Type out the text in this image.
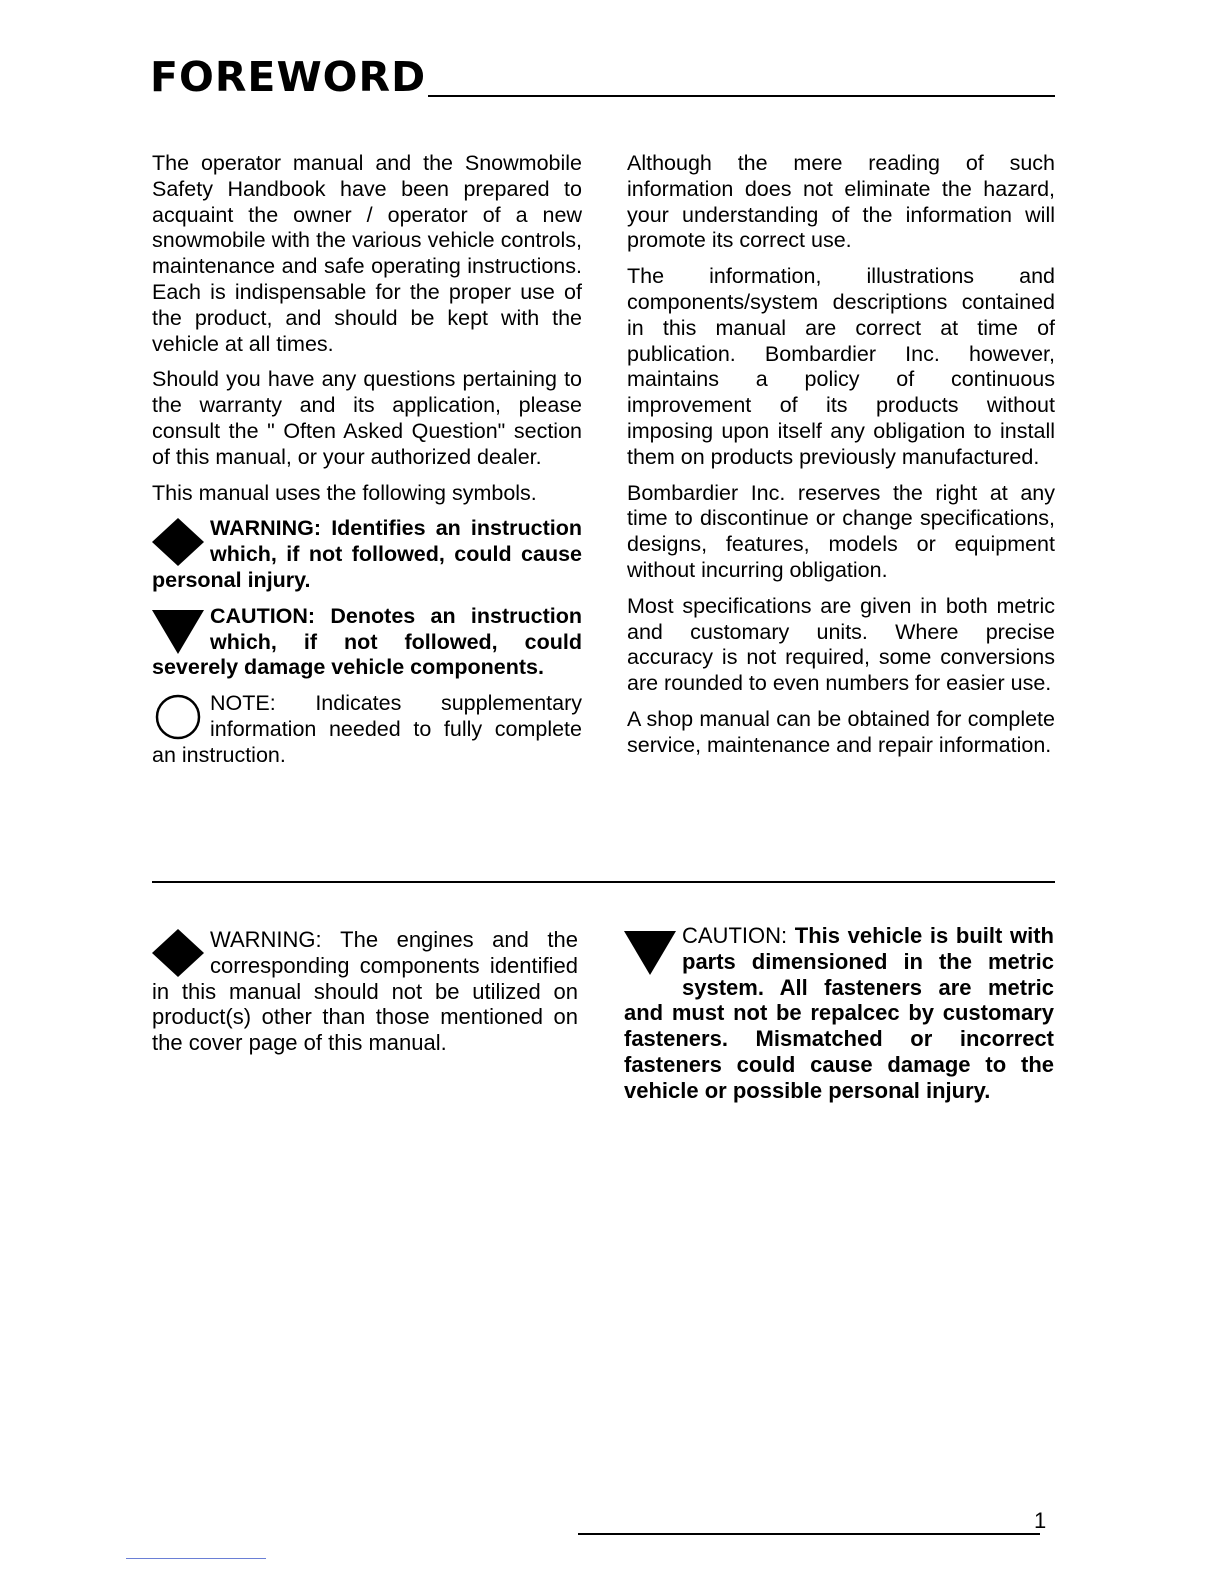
FOREWORD

The operator manual and the Snowmobile Safety Handbook have been prepared to acquaint the owner / operator of a new snowmobile with the various vehicle controls, maintenance and safe operating instructions. Each is indispensable for the proper use of the product, and should be kept with the vehicle at all times.

Should you have any questions pertaining to the warranty and its application, please consult the " Often Asked Question" section of this manual, or your authorized dealer.

This manual uses the following symbols.

WARNING: Identifies an instruction which, if not followed, could cause personal injury.

CAUTION: Denotes an instruction which, if not followed, could severely damage vehicle components.

NOTE: Indicates supplementary information needed to fully complete an instruction.

Although the mere reading of such information does not eliminate the hazard, your understanding of the information will promote its correct use.

The information, illustrations and components/system descriptions contained in this manual are correct at time of publication. Bombardier Inc. however, maintains a policy of continuous improvement of its products without imposing upon itself any obligation to install them on products previously manufactured.

Bombardier Inc. reserves the right at any time to discontinue or change specifications, designs, features, models or equipment without incurring obligation.

Most specifications are given in both metric and customary units. Where precise accuracy is not required, some conversions are rounded to even numbers for easier use.

A shop manual can be obtained for complete service, maintenance and repair information.

WARNING: The engines and the corresponding components identified in this manual should not be utilized on product(s) other than those mentioned on the cover page of this manual.
CAUTION: This vehicle is built with parts dimensioned in the metric system. All fasteners are metric and must not be repalcec by customary fasteners. Mismatched or incorrect fasteners could cause damage to the vehicle or possible personal injury.
1
